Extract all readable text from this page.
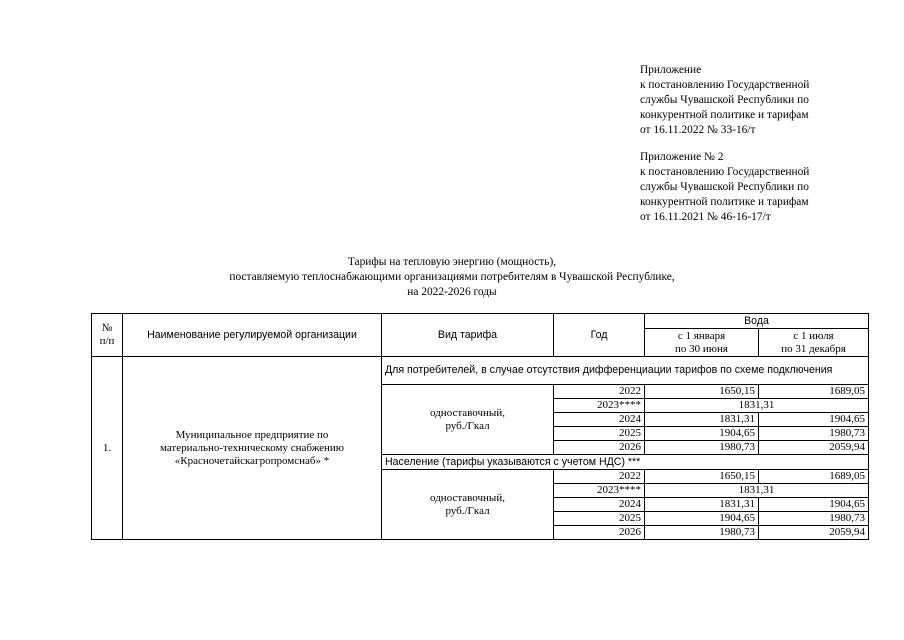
Приложение
к постановлению Государственной
службы Чувашской Республики по
конкурентной политике и тарифам
от 16.11.2022 № 33-16/т
Приложение № 2
к постановлению Государственной
службы Чувашской Республики по
конкурентной политике и тарифам
от 16.11.2021 № 46-16-17/т
Тарифы на тепловую энергию (мощность),
поставляемую теплоснабжающими организациями потребителям в Чувашской Республике,
на 2022-2026 годы
№
п/п	Наименование регулируемой организации	Вид тарифа	Год	Вода	

				с 1 января
по 30 июня	с 1 июля
по 31 декабря

1.	Муниципальное предприятие по
материально-техническому снабжению
«Красночетайскагропромснаб» *	Для потребителей, в случае отсутствия дифференциации тарифов по схеме подключения			

		одноставочный,
руб./Гкал	2022	1650,15	1689,05
			2023****	1831,31	
			2024	1831,31	1904,65
			2025	1904,65	1980,73
			2026	1980,73	2059,94
		Население (тарифы указываются с учетом НДС) ***			

		одноставочный,
руб./Гкал	2022	1650,15	1689,05
			2023****	1831,31	
			2024	1831,31	1904,65
			2025	1904,65	1980,73
			2026	1980,73	2059,94
